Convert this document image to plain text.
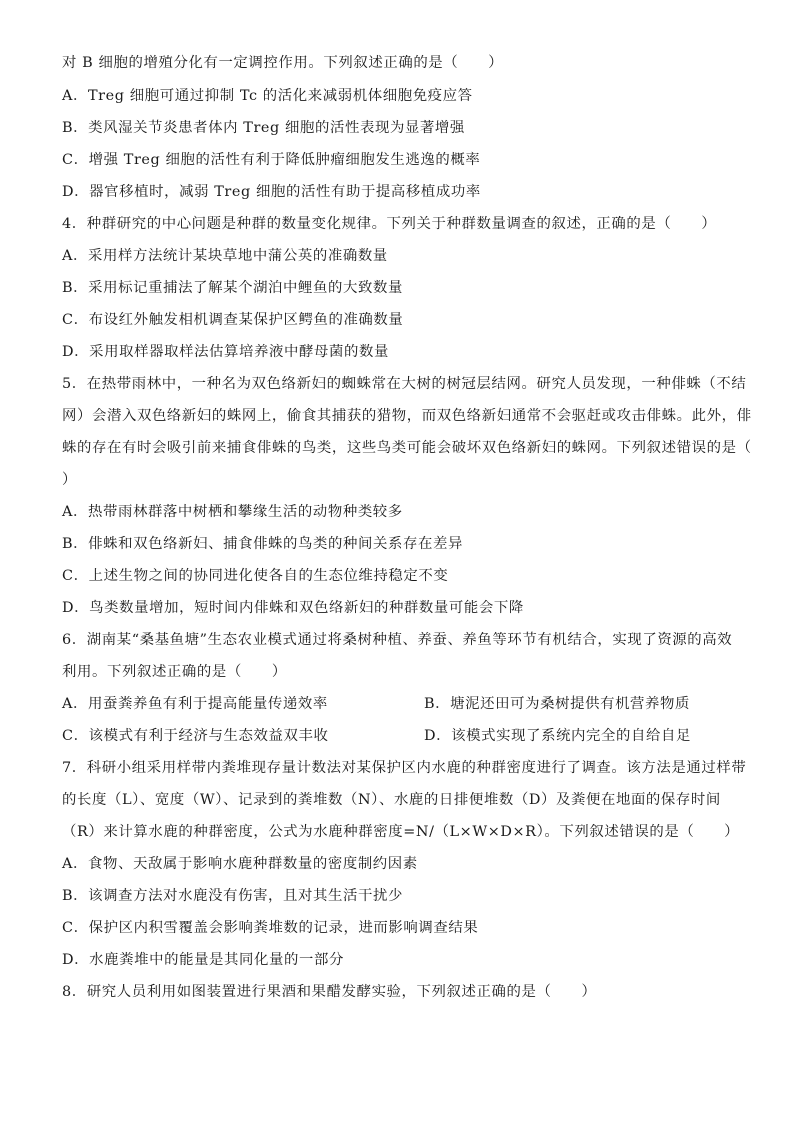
对 B 细胞的增殖分化有一定调控作用。下列叙述正确的是（　　）
A．Treg 细胞可通过抑制 Tc 的活化来减弱机体细胞免疫应答
B．类风湿关节炎患者体内 Treg 细胞的活性表现为显著增强
C．增强 Treg 细胞的活性有利于降低肿瘤细胞发生逃逸的概率
D．器官移植时，减弱 Treg 细胞的活性有助于提高移植成功率
4．种群研究的中心问题是种群的数量变化规律。下列关于种群数量调查的叙述，正确的是（　　）
A．采用样方法统计某块草地中蒲公英的准确数量
B．采用标记重捕法了解某个湖泊中鲤鱼的大致数量
C．布设红外触发相机调查某保护区鳄鱼的准确数量
D．采用取样器取样法估算培养液中酵母菌的数量
5．在热带雨林中，一种名为双色络新妇的蜘蛛常在大树的树冠层结网。研究人员发现，一种俳蛛（不结
网）会潜入双色络新妇的蛛网上，偷食其捕获的猎物，而双色络新妇通常不会驱赶或攻击俳蛛。此外，俳
蛛的存在有时会吸引前来捕食俳蛛的鸟类，这些鸟类可能会破坏双色络新妇的蛛网。下列叙述错误的是（
）
A．热带雨林群落中树栖和攀缘生活的动物种类较多
B．俳蛛和双色络新妇、捕食俳蛛的鸟类的种间关系存在差异
C．上述生物之间的协同进化使各自的生态位维持稳定不变
D．鸟类数量增加，短时间内俳蛛和双色络新妇的种群数量可能会下降
6．湖南某“桑基鱼塘”生态农业模式通过将桑树种植、养蚕、养鱼等环节有机结合，实现了资源的高效
利用。下列叙述正确的是（　　）
A．用蚕粪养鱼有利于提高能量传递效率	B．塘泥还田可为桑树提供有机营养物质
C．该模式有利于经济与生态效益双丰收	D．该模式实现了系统内完全的自给自足
7．科研小组采用样带内粪堆现存量计数法对某保护区内水鹿的种群密度进行了调查。该方法是通过样带
的长度（L）、宽度（W）、记录到的粪堆数（N）、水鹿的日排便堆数（D）及粪便在地面的保存时间
（R）来计算水鹿的种群密度，公式为水鹿种群密度=N/（L×W×D×R）。下列叙述错误的是（　　）
A．食物、天敌属于影响水鹿种群数量的密度制约因素
B．该调查方法对水鹿没有伤害，且对其生活干扰少
C．保护区内积雪覆盖会影响粪堆数的记录，进而影响调查结果
D．水鹿粪堆中的能量是其同化量的一部分
8．研究人员利用如图装置进行果酒和果醋发酵实验，下列叙述正确的是（　　）
